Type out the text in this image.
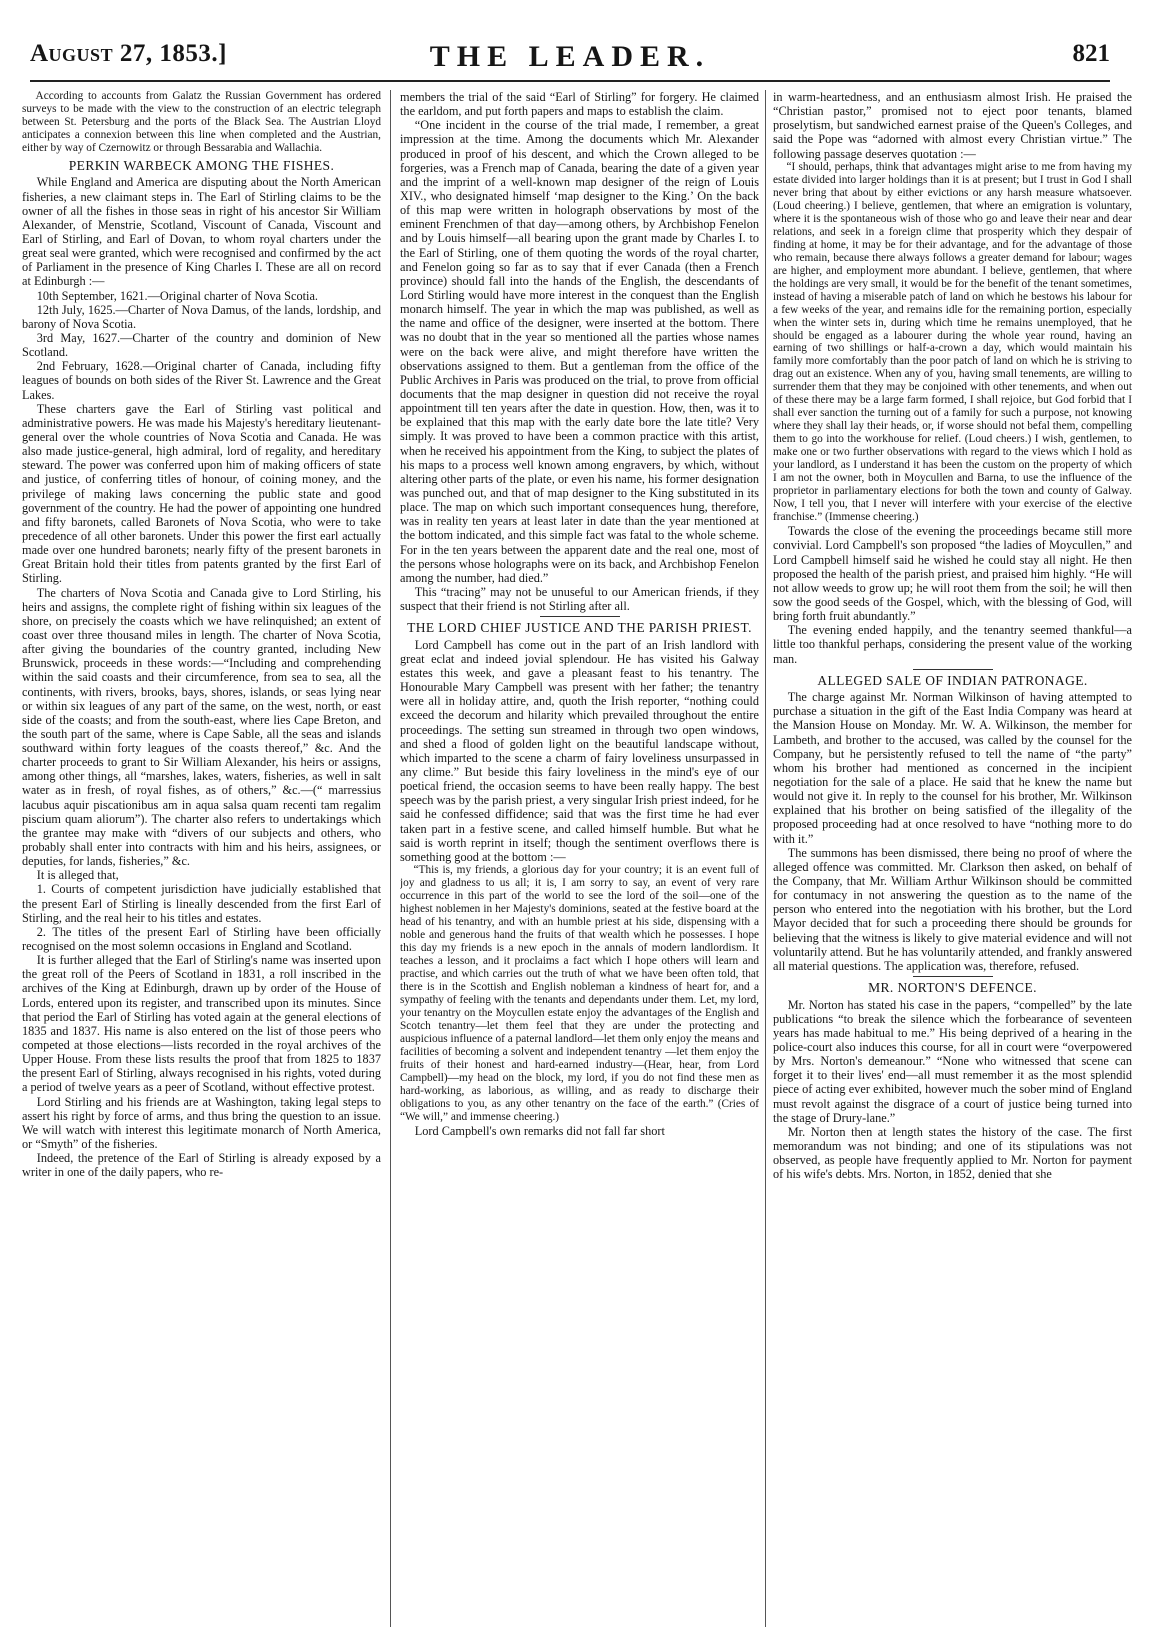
August 27, 1853.]	THE LEADER.	821

According to accounts from Galatz the Russian Government has ordered surveys to be made with the view to the construction of an electric telegraph between St. Petersburg and the ports of the Black Sea. The Austrian Lloyd anticipates a connexion between this line when completed and the Austrian, either by way of Czernowitz or through Bessarabia and Wallachia.

PERKIN WARBECK AMONG THE FISHES.

While England and America are disputing about the North American fisheries, a new claimant steps in. The Earl of Stirling claims to be the owner of all the fishes in those seas in right of his ancestor Sir William Alexander, of Menstrie, Scotland, Viscount of Canada, Viscount and Earl of Stirling, and Earl of Dovan, to whom royal charters under the great seal were granted, which were recognised and confirmed by the act of Parliament in the presence of King Charles I. These are all on record at Edinburgh :—

10th September, 1621.—Original charter of Nova Scotia.

12th July, 1625.—Charter of Nova Damus, of the lands, lordship, and barony of Nova Scotia.

3rd May, 1627.—Charter of the country and dominion of New Scotland.

2nd February, 1628.—Original charter of Canada, including fifty leagues of bounds on both sides of the River St. Lawrence and the Great Lakes.

These charters gave the Earl of Stirling vast political and administrative powers. He was made his Majesty's hereditary lieutenant-general over the whole countries of Nova Scotia and Canada. He was also made justice-general, high admiral, lord of regality, and hereditary steward. The power was conferred upon him of making officers of state and justice, of conferring titles of honour, of coining money, and the privilege of making laws concerning the public state and good government of the country. He had the power of appointing one hundred and fifty baronets, called Baronets of Nova Scotia, who were to take precedence of all other baronets. Under this power the first earl actually made over one hundred baronets; nearly fifty of the present baronets in Great Britain hold their titles from patents granted by the first Earl of Stirling.

The charters of Nova Scotia and Canada give to Lord Stirling, his heirs and assigns, the complete right of fishing within six leagues of the shore, on precisely the coasts which we have relinquished; an extent of coast over three thousand miles in length. The charter of Nova Scotia, after giving the boundaries of the country granted, including New Brunswick, proceeds in these words:—“Including and comprehending within the said coasts and their circumference, from sea to sea, all the continents, with rivers, brooks, bays, shores, islands, or seas lying near or within six leagues of any part of the same, on the west, north, or east side of the coasts; and from the south-east, where lies Cape Breton, and the south part of the same, where is Cape Sable, all the seas and islands southward within forty leagues of the coasts thereof,” &c. And the charter proceeds to grant to Sir William Alexander, his heirs or assigns, among other things, all “marshes, lakes, waters, fisheries, as well in salt water as in fresh, of royal fishes, as of others,” &c.—(“ marressius lacubus aquir piscationibus am in aqua salsa quam recenti tam regalim piscium quam aliorum”). The charter also refers to undertakings which the grantee may make with “divers of our subjects and others, who probably shall enter into contracts with him and his heirs, assignees, or deputies, for lands, fisheries,” &c.

It is alleged that,

1. Courts of competent jurisdiction have judicially established that the present Earl of Stirling is lineally descended from the first Earl of Stirling, and the real heir to his titles and estates.

2. The titles of the present Earl of Stirling have been officially recognised on the most solemn occasions in England and Scotland.

It is further alleged that the Earl of Stirling's name was inserted upon the great roll of the Peers of Scotland in 1831, a roll inscribed in the archives of the King at Edinburgh, drawn up by order of the House of Lords, entered upon its register, and transcribed upon its minutes. Since that period the Earl of Stirling has voted again at the general elections of 1835 and 1837. His name is also entered on the list of those peers who competed at those elections—lists recorded in the royal archives of the Upper House. From these lists results the proof that from 1825 to 1837 the present Earl of Stirling, always recognised in his rights, voted during a period of twelve years as a peer of Scotland, without effective protest.

Lord Stirling and his friends are at Washington, taking legal steps to assert his right by force of arms, and thus bring the question to an issue. We will watch with interest this legitimate monarch of North America, or “Smyth” of the fisheries.

Indeed, the pretence of the Earl of Stirling is already exposed by a writer in one of the daily papers, who re-

members the trial of the said “Earl of Stirling” for forgery. He claimed the earldom, and put forth papers and maps to establish the claim.

“One incident in the course of the trial made, I remember, a great impression at the time. Among the documents which Mr. Alexander produced in proof of his descent, and which the Crown alleged to be forgeries, was a French map of Canada, bearing the date of a given year and the imprint of a well-known map designer of the reign of Louis XIV., who designated himself ‘map designer to the King.’ On the back of this map were written in holograph observations by most of the eminent Frenchmen of that day—among others, by Archbishop Fenelon and by Louis himself—all bearing upon the grant made by Charles I. to the Earl of Stirling, one of them quoting the words of the royal charter, and Fenelon going so far as to say that if ever Canada (then a French province) should fall into the hands of the English, the descendants of Lord Stirling would have more interest in the conquest than the English monarch himself. The year in which the map was published, as well as the name and office of the designer, were inserted at the bottom. There was no doubt that in the year so mentioned all the parties whose names were on the back were alive, and might therefore have written the observations assigned to them. But a gentleman from the office of the Public Archives in Paris was produced on the trial, to prove from official documents that the map designer in question did not receive the royal appointment till ten years after the date in question. How, then, was it to be explained that this map with the early date bore the late title? Very simply. It was proved to have been a common practice with this artist, when he received his appointment from the King, to subject the plates of his maps to a process well known among engravers, by which, without altering other parts of the plate, or even his name, his former designation was punched out, and that of map designer to the King substituted in its place. The map on which such important consequences hung, therefore, was in reality ten years at least later in date than the year mentioned at the bottom indicated, and this simple fact was fatal to the whole scheme. For in the ten years between the apparent date and the real one, most of the persons whose holographs were on its back, and Archbishop Fenelon among the number, had died.”

This “tracing” may not be unuseful to our American friends, if they suspect that their friend is not Stirling after all.

THE LORD CHIEF JUSTICE AND THE PARISH PRIEST.

Lord Campbell has come out in the part of an Irish landlord with great eclat and indeed jovial splendour. He has visited his Galway estates this week, and gave a pleasant feast to his tenantry. The Honourable Mary Campbell was present with her father; the tenantry were all in holiday attire, and, quoth the Irish reporter, “nothing could exceed the decorum and hilarity which prevailed throughout the entire proceedings. The setting sun streamed in through two open windows, and shed a flood of golden light on the beautiful landscape without, which imparted to the scene a charm of fairy loveliness unsurpassed in any clime.” But beside this fairy loveliness in the mind's eye of our poetical friend, the occasion seems to have been really happy. The best speech was by the parish priest, a very singular Irish priest indeed, for he said he confessed diffidence; said that was the first time he had ever taken part in a festive scene, and called himself humble. But what he said is worth reprint in itself; though the sentiment overflows there is something good at the bottom :—

“This is, my friends, a glorious day for your country; it is an event full of joy and gladness to us all; it is, I am sorry to say, an event of very rare occurrence in this part of the world to see the lord of the soil—one of the highest noblemen in her Majesty's dominions, seated at the festive board at the head of his tenantry, and with an humble priest at his side, dispensing with a noble and generous hand the fruits of that wealth which he possesses. I hope this day my friends is a new epoch in the annals of modern landlordism. It teaches a lesson, and it proclaims a fact which I hope others will learn and practise, and which carries out the truth of what we have been often told, that there is in the Scottish and English nobleman a kindness of heart for, and a sympathy of feeling with the tenants and dependants under them. Let, my lord, your tenantry on the Moycullen estate enjoy the advantages of the English and Scotch tenantry—let them feel that they are under the protecting and auspicious influence of a paternal landlord—let them only enjoy the means and facilities of becoming a solvent and independent tenantry —let them enjoy the fruits of their honest and hard-earned industry—(Hear, hear, from Lord Campbell)—my head on the block, my lord, if you do not find these men as hard-working, as laborious, as willing, and as ready to discharge their obligations to you, as any other tenantry on the face of the earth.” (Cries of “We will,” and immense cheering.)

Lord Campbell's own remarks did not fall far short

in warm-heartedness, and an enthusiasm almost Irish. He praised the “Christian pastor,” promised not to eject poor tenants, blamed proselytism, but sandwiched earnest praise of the Queen's Colleges, and said the Pope was “adorned with almost every Christian virtue.” The following passage deserves quotation :—

“I should, perhaps, think that advantages might arise to me from having my estate divided into larger holdings than it is at present; but I trust in God I shall never bring that about by either evictions or any harsh measure whatsoever. (Loud cheering.) I believe, gentlemen, that where an emigration is voluntary, where it is the spontaneous wish of those who go and leave their near and dear relations, and seek in a foreign clime that prosperity which they despair of finding at home, it may be for their advantage, and for the advantage of those who remain, because there always follows a greater demand for labour; wages are higher, and employment more abundant. I believe, gentlemen, that where the holdings are very small, it would be for the benefit of the tenant sometimes, instead of having a miserable patch of land on which he bestows his labour for a few weeks of the year, and remains idle for the remaining portion, especially when the winter sets in, during which time he remains unemployed, that he should be engaged as a labourer during the whole year round, having an earning of two shillings or half-a-crown a day, which would maintain his family more comfortably than the poor patch of land on which he is striving to drag out an existence. When any of you, having small tenements, are willing to surrender them that they may be conjoined with other tenements, and when out of these there may be a large farm formed, I shall rejoice, but God forbid that I shall ever sanction the turning out of a family for such a purpose, not knowing where they shall lay their heads, or, if worse should not befal them, compelling them to go into the workhouse for relief. (Loud cheers.) I wish, gentlemen, to make one or two further observations with regard to the views which I hold as your landlord, as I understand it has been the custom on the property of which I am not the owner, both in Moycullen and Barna, to use the influence of the proprietor in parliamentary elections for both the town and county of Galway. Now, I tell you, that I never will interfere with your exercise of the elective franchise.” (Immense cheering.)

Towards the close of the evening the proceedings became still more convivial. Lord Campbell's son proposed “the ladies of Moycullen,” and Lord Campbell himself said he wished he could stay all night. He then proposed the health of the parish priest, and praised him highly. “He will not allow weeds to grow up; he will root them from the soil; he will then sow the good seeds of the Gospel, which, with the blessing of God, will bring forth fruit abundantly.”

The evening ended happily, and the tenantry seemed thankful—a little too thankful perhaps, considering the present value of the working man.

ALLEGED SALE OF INDIAN PATRONAGE.

The charge against Mr. Norman Wilkinson of having attempted to purchase a situation in the gift of the East India Company was heard at the Mansion House on Monday. Mr. W. A. Wilkinson, the member for Lambeth, and brother to the accused, was called by the counsel for the Company, but he persistently refused to tell the name of “the party” whom his brother had mentioned as concerned in the incipient negotiation for the sale of a place. He said that he knew the name but would not give it. In reply to the counsel for his brother, Mr. Wilkinson explained that his brother on being satisfied of the illegality of the proposed proceeding had at once resolved to have “nothing more to do with it.”

The summons has been dismissed, there being no proof of where the alleged offence was committed. Mr. Clarkson then asked, on behalf of the Company, that Mr. William Arthur Wilkinson should be committed for contumacy in not answering the question as to the name of the person who entered into the negotiation with his brother, but the Lord Mayor decided that for such a proceeding there should be grounds for believing that the witness is likely to give material evidence and will not voluntarily attend. But he has voluntarily attended, and frankly answered all material questions. The application was, therefore, refused.

MR. NORTON'S DEFENCE.

Mr. Norton has stated his case in the papers, “compelled” by the late publications “to break the silence which the forbearance of seventeen years has made habitual to me.” His being deprived of a hearing in the police-court also induces this course, for all in court were “overpowered by Mrs. Norton's demeanour.” “None who witnessed that scene can forget it to their lives' end—all must remember it as the most splendid piece of acting ever exhibited, however much the sober mind of England must revolt against the disgrace of a court of justice being turned into the stage of Drury-lane.”

Mr. Norton then at length states the history of the case. The first memorandum was not binding; and one of its stipulations was not observed, as people have frequently applied to Mr. Norton for payment of his wife's debts. Mrs. Norton, in 1852, denied that she
